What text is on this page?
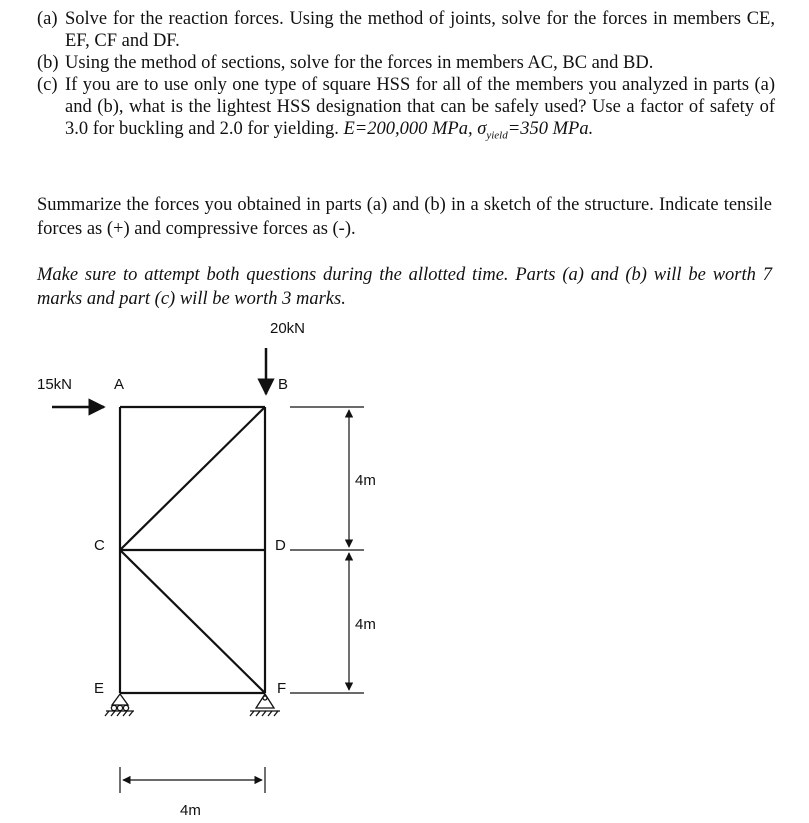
(a) Solve for the reaction forces. Using the method of joints, solve for the forces in members CE, EF, CF and DF.
(b) Using the method of sections, solve for the forces in members AC, BC and BD.
(c) If you are to use only one type of square HSS for all of the members you analyzed in parts (a) and (b), what is the lightest HSS designation that can be safely used? Use a factor of safety of 3.0 for buckling and 2.0 for yielding. E=200,000 MPa, $\sigma_{yield}=350$ MPa.
Summarize the forces you obtained in parts (a) and (b) in a sketch of the structure. Indicate tensile forces as (+) and compressive forces as (-).
Make sure to attempt both questions during the allotted time. Parts (a) and (b) will be worth 7 marks and part (c) will be worth 3 marks.
20kN
15kN	A	B
C	D
E	F
4m
4m
4m
